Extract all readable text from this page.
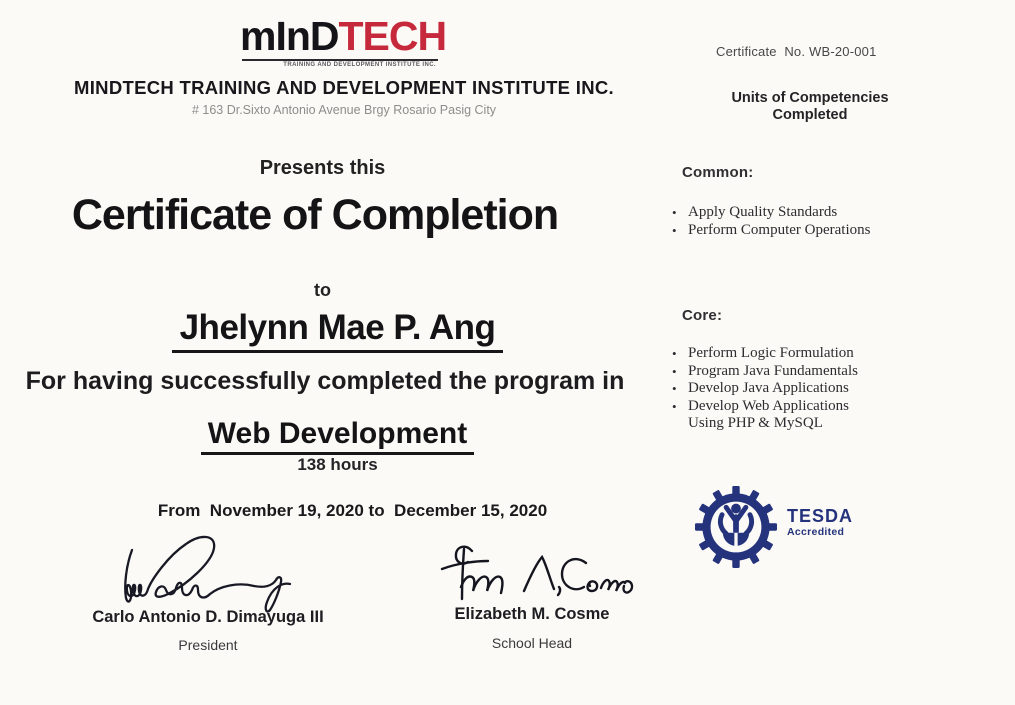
mInDTECH
TRAINING AND DEVELOPMENT INSTITUTE INC.
MINDTECH TRAINING AND DEVELOPMENT INSTITUTE INC.
# 163 Dr.Sixto Antonio Avenue Brgy Rosario Pasig City
Certificate  No. WB-20-001
Units of Competencies
Completed
Common:
• Apply Quality Standards
• Perform Computer Operations
Core:
• Perform Logic Formulation
• Program Java Fundamentals
• Develop Java Applications
• Develop Web Applications Using PHP & MySQL
Presents this
Certificate of Completion
to
Jhelynn Mae P. Ang
For having successfully completed the program in
Web Development
138 hours
From  November 19, 2020 to  December 15, 2020	TESDA
Accredited
Carlo Antonio D. Dimayuga III
President
Elizabeth M. Cosme
School Head
